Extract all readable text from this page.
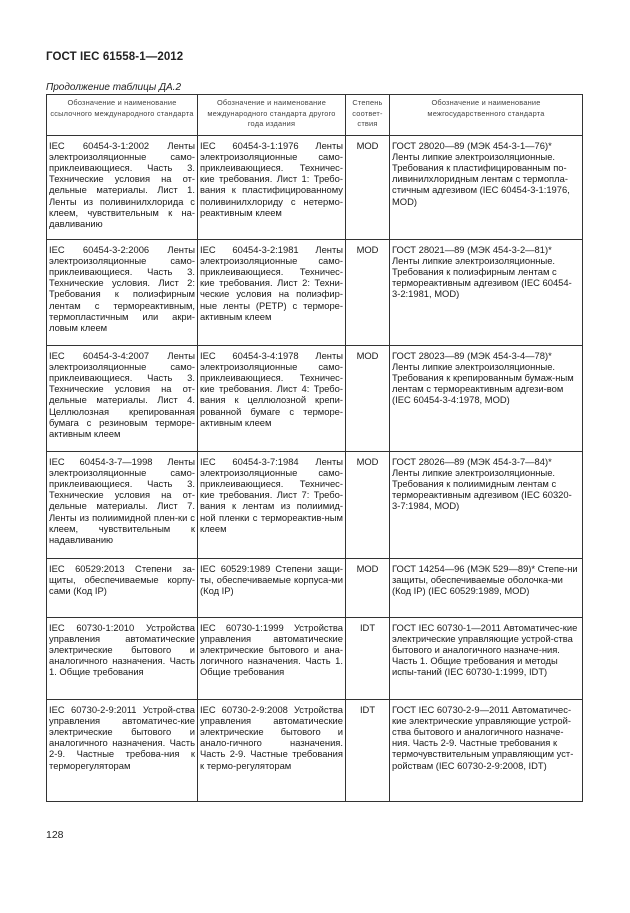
ГОСТ IEC 61558-1—2012
Продолжение таблицы ДА.2
Обозначение и наименование ссылочного международного стандарта	Обозначение и наименование международного стандарта другого года издания	Степень соответ-ствия	Обозначение и наименование межгосударственного стандарта
IEC 60454-3-1:2002 Ленты электроизоляционные само-приклеивающиеся. Часть 3. Технические условия на от-дельные материалы. Лист 1. Ленты из поливинилхлорида с клеем, чувствительным к на-давливанию	IEC 60454-3-1:1976 Ленты электроизоляционные само-приклеивающиеся. Техничес-кие требования. Лист 1: Требо-вания к пластифицированному поливинилхлориду с нетермо-реактивным клеем	MOD	ГОСТ 28020—89 (МЭК 454-3-1—76)* Ленты липкие электроизоляционные. Требования к пластифицированным по-ливинилхлоридным лентам с термопла-стичным адгезивом (IEC 60454-3-1:1976, MOD)
IEC 60454-3-2:2006 Ленты электроизоляционные само-приклеивающиеся. Часть 3. Технические условия. Лист 2: Требования к полиэфирным лентам с термореактивным, термопластичным или акри-ловым клеем	IEC 60454-3-2:1981 Ленты электроизоляционные само-приклеивающиеся. Техничес-кие требования. Лист 2: Техни-ческие условия на полиэфир-ные ленты (PETP) с терморе-активным клеем	MOD	ГОСТ 28021—89 (МЭК 454-3-2—81)* Ленты липкие электроизоляционные. Требования к полиэфирным лентам с термореактивным адгезивом (IEC 60454-3-2:1981, MOD)
IEC 60454-3-4:2007 Ленты электроизоляционные само-приклеивающиеся. Часть 3. Технические условия на от-дельные материалы. Лист 4. Целлюлозная крепированная бумага с резиновым терморе-активным клеем	IEC 60454-3-4:1978 Ленты электроизоляционные само-приклеивающиеся. Техничес-кие требования. Лист 4: Требо-вания к целлюлозной крепи-рованной бумаге с терморе-активным клеем	MOD	ГОСТ 28023—89 (МЭК 454-3-4—78)* Ленты липкие электроизоляционные. Требования к крепированным бумаж-ным лентам с термореактивным адгези-вом (IEC 60454-3-4:1978, MOD)
IEC 60454-3-7—1998 Ленты электроизоляционные само-приклеивающиеся. Часть 3. Технические условия на от-дельные материалы. Лист 7. Ленты из полиимидной плен-ки с клеем, чувствительным к надавливанию	IEC 60454-3-7:1984 Ленты электроизоляционные само-приклеивающиеся. Техничес-кие требования. Лист 7: Требо-вания к лентам из полиимид-ной пленки с термореактив-ным клеем	MOD	ГОСТ 28026—89 (МЭК 454-3-7—84)* Ленты липкие электроизоляционные. Требования к полиимидным лентам с термореактивным адгезивом (IEC 60320-3-7:1984, MOD)
IEC 60529:2013 Степени за-щиты, обеспечиваемые корпу-сами (Код IP)	IEC 60529:1989 Степени защи-ты, обеспечиваемые корпуса-ми (Код IP)	MOD	ГОСТ 14254—96 (МЭК 529—89)* Степе-ни защиты, обеспечиваемые оболочка-ми (Код IP) (IEC 60529:1989, MOD)
IEC 60730-1:2010 Устройства управления автоматические электрические бытового и аналогичного назначения. Часть 1. Общие требования	IEC 60730-1:1999 Устройства управления автоматические электрические бытового и ана-логичного назначения. Часть 1. Общие требования	IDT	ГОСТ IEC 60730-1—2011 Автоматичес-кие электрические управляющие устрой-ства бытового и аналогичного назначе-ния. Часть 1. Общие требования и методы испы-таний (IEC 60730-1:1999, IDT)
IEC 60730-2-9:2011 Устрой-ства управления автоматичес-кие электрические бытового и аналогичного назначения. Часть 2-9. Частные требова-ния к терморегуляторам	IEC 60730-2-9:2008 Устройства управления автоматические электрические бытового и анало-гичного назначения. Часть 2-9. Частные требования к термо-регуляторам	IDT	ГОСТ IEC 60730-2-9—2011 Автоматичес-кие электрические управляющие устрой-ства бытового и аналогичного назначе-ния. Часть 2-9. Частные требования к термочувствительным управляющим уст-ройствам (IEC 60730-2-9:2008, IDT)
128
